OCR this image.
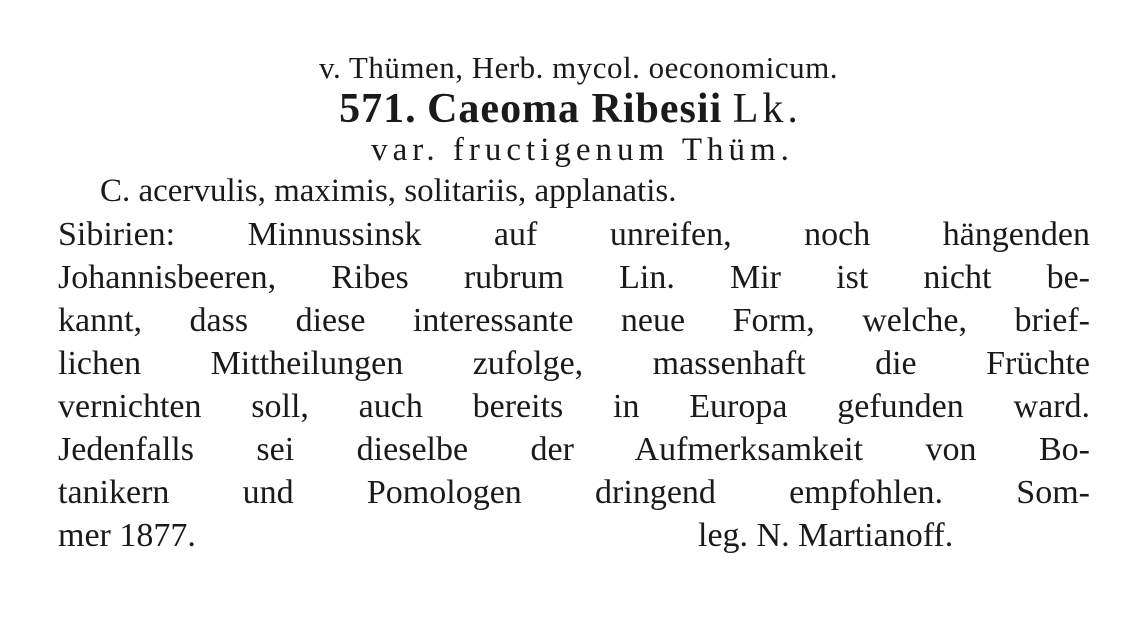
v. Thümen, Herb. mycol. oeconomicum.
571. Caeoma Ribesii Lk.
var. fructigenum Thüm.
C. acervulis, maximis, solitariis, applanatis.
Sibirien: Minnussinsk auf unreifen, noch hängenden
Johannisbeeren, Ribes rubrum Lin. Mir ist nicht be-
kannt, dass diese interessante neue Form, welche, brief-
lichen Mittheilungen zufolge, massenhaft die Früchte
vernichten soll, auch bereits in Europa gefunden ward.
Jedenfalls sei dieselbe der Aufmerksamkeit von Bo-
tanikern und Pomologen dringend empfohlen. Som-
mer 1877.	leg. N. Martianoff.
